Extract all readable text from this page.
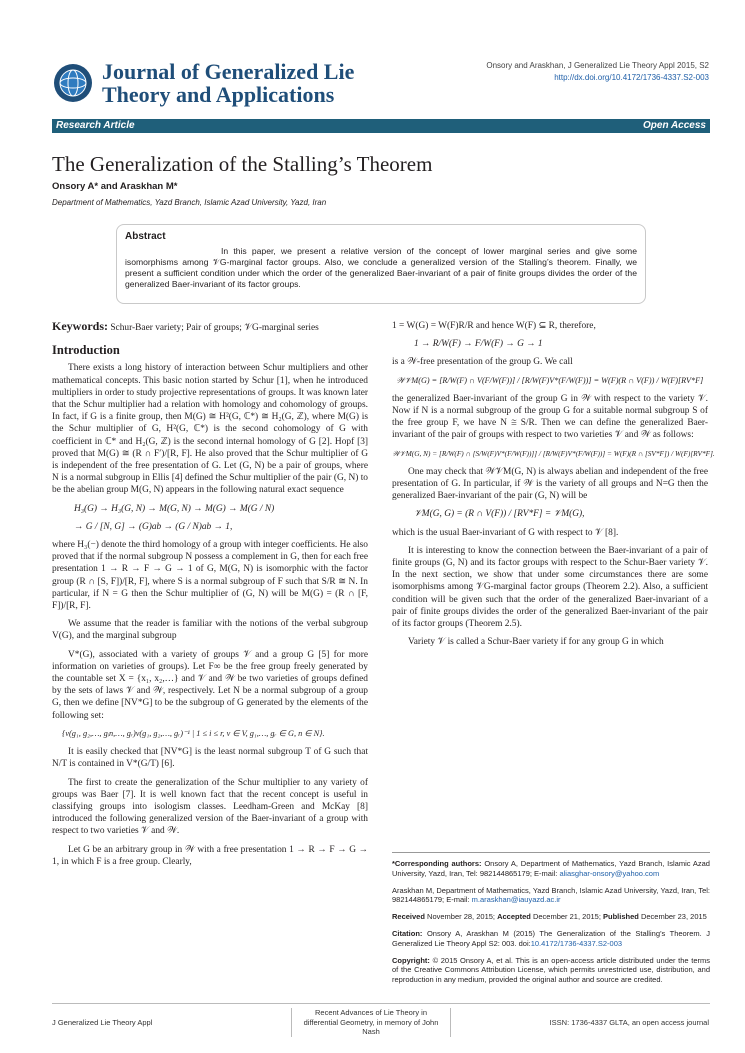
Journal of Generalized Lie Theory and Applications
Onsory and Araskhan, J Generalized Lie Theory Appl 2015, S2
http://dx.doi.org/10.4172/1736-4337.S2-003
Research Article	Open Access
The Generalization of the Stalling’s Theorem
Onsory A* and Araskhan M*
Department of Mathematics, Yazd Branch, Islamic Azad University, Yazd, Iran
Abstract

In this paper, we present a relative version of the concept of lower marginal series and give some isomorphisms among 𝒱G-marginal factor groups. Also, we conclude a generalized version of the Stalling’s theorem. Finally, we present a sufficient condition under which the order of the generalized Baer-invariant of a pair of finite groups divides the order of the generalized Baer-invariant of its factor groups.

Keywords: Schur-Baer variety; Pair of groups; 𝒱G-marginal series

Introduction

There exists a long history of interaction between Schur multipliers and other mathematical concepts. This basic notion started by Schur [1], when he introduced multipliers in order to study projective representations of groups. It was known later that the Schur multiplier had a relation with homology and cohomology of groups. In fact, if G is a finite group, then M(G) ≅ H²(G, ℂ*) ≅ H₂(G, ℤ), where M(G) is the Schur multiplier of G, H²(G, ℂ*) is the second cohomology of G with coefficient in ℂ* and H₂(G, ℤ) is the second internal homology of G [2]. Hopf [3] proved that M(G) ≅ (R ∩ F′)/[R, F]. He also proved that the Schur multiplier of G is independent of the free presentation of G. Let (G, N) be a pair of groups, where N is a normal subgroup in Ellis [4] defined the Schur multiplier of the pair (G, N) to be the abelian group M(G, N) appears in the following natural exact sequence

H₃(G) → H₃(G, N) → M(G, N) → M(G) → M(G / N)
→ G / [N, G] → (G)ab → (G / N)ab → 1,

where H₃(−) denote the third homology of a group with integer coefficients. He also proved that if the normal subgroup N possess a complement in G, then for each free presentation 1 → R → F → G → 1 of G, M(G, N) is isomorphic with the factor group (R ∩ [S, F])/[R, F], where S is a normal subgroup of F such that S/R ≅ N. In particular, if N = G then the Schur multiplier of (G, N) will be M(G) = (R ∩ [F, F])/[R, F].

We assume that the reader is familiar with the notions of the verbal subgroup V(G), and the marginal subgroup

V*(G), associated with a variety of groups 𝒱 and a group G [5] for more information on varieties of groups). Let F∞ be the free group freely generated by the countable set X = {x₁, x₂,…} and 𝒱 and 𝒲 be two varieties of groups defined by the sets of laws 𝒱 and 𝒲, respectively. Let N be a normal subgroup of a group G, then we define [NV*G] to be the subgroup of G generated by the elements of the following set:

{v(g₁, g₂,…, gᵢn,…, gᵣ)v(g₁, g₂,…, gᵣ)⁻¹ | 1 ≤ i ≤ r, v ∈ V, g₁,…, gᵣ ∈ G, n ∈ N}.

It is easily checked that [NV*G] is the least normal subgroup T of G such that N/T is contained in V*(G/T) [6].

The first to create the generalization of the Schur multiplier to any variety of groups was Baer [7]. It is well known fact that the recent concept is useful in classifying groups into isologism classes. Leedham-Green and McKay [8] introduced the following generalized version of the Baer-invariant of a group with respect to two varieties 𝒱 and 𝒲.

Let G be an arbitrary group in 𝒲 with a free presentation 1 → R → F → G → 1, in which F is a free group. Clearly,

1 = W(G) = W(F)R/R and hence W(F) ⊆ R, therefore,

1 → R/W(F) → F/W(F) → G → 1

is a 𝒲-free presentation of the group G. We call

𝒲𝒱M(G) = [R/W(F) ∩ V(F/W(F))] / [R/W(F)V*(F/W(F))] = W(F)(R ∩ V(F)) / W(F)[RV*F]

the generalized Baer-invariant of the group G in 𝒲 with respect to the variety 𝒱. Now if N is a normal subgroup of the group G for a suitable normal subgroup S of the free group F, we have N ≅ S/R. Then we can define the generalized Baer-invariant of the pair of groups with respect to two varieties 𝒱 and 𝒲 as follows:

𝒲𝒱M(G, N) = [R/W(F) ∩ [S/W(F)V*(F/W(F))]] / [R/W(F)V*(F/W(F))] = W(F)(R ∩ [SV*F]) / W(F)[RV*F].

One may check that 𝒲𝒱M(G, N) is always abelian and independent of the free presentation of G. In particular, if 𝒲 is the variety of all groups and N=G then the generalized Baer-invariant of the pair (G, N) will be

𝒱M(G, G) = (R ∩ V(F)) / [RV*F] = 𝒱M(G),

which is the usual Baer-invariant of G with respect to 𝒱 [8].

It is interesting to know the connection between the Baer-invariant of a pair of finite groups (G, N) and its factor groups with respect to the Schur-Baer variety 𝒱. In the next section, we show that under some circumstances there are some isomorphisms among 𝒱G-marginal factor groups (Theorem 2.2). Also, a sufficient condition will be given such that the order of the generalized Baer-invariant of a pair of finite groups divides the order of the generalized Baer-invariant of the pair of its factor groups (Theorem 2.5).

Variety 𝒱 is called a Schur-Baer variety if for any group G in which

*Corresponding authors: Onsory A, Department of Mathematics, Yazd Branch, Islamic Azad University, Yazd, Iran, Tel: 982144865179; E-mail: aliasghar-onsory@yahoo.com

Araskhan M, Department of Mathematics, Yazd Branch, Islamic Azad University, Yazd, Iran, Tel: 982144865179; E-mail: m.araskhan@iauyazd.ac.ir

Received November 28, 2015; Accepted December 21, 2015; Published December 23, 2015

Citation: Onsory A, Araskhan M (2015) The Generalization of the Stalling’s Theorem. J Generalized Lie Theory Appl S2: 003. doi:10.4172/1736-4337.S2-003

Copyright: © 2015 Onsory A, et al. This is an open-access article distributed under the terms of the Creative Commons Attribution License, which permits unrestricted use, distribution, and reproduction in any medium, provided the original author and source are credited.

J Generalized Lie Theory Appl
Recent Advances of Lie Theory in differential Geometry, in memory of John Nash
ISSN: 1736-4337 GLTA, an open access journal
